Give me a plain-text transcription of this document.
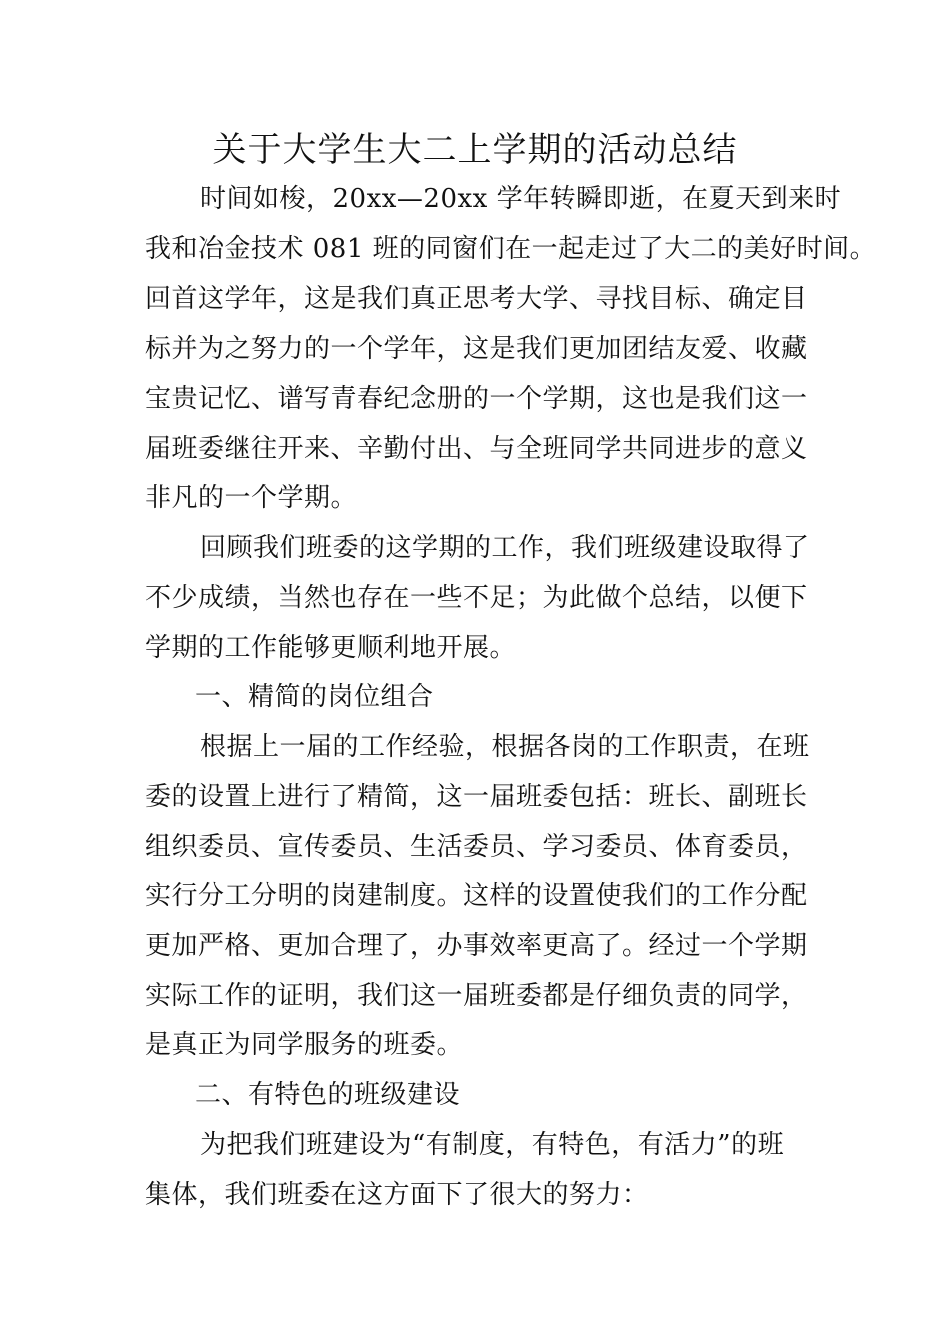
关于大学生大二上学期的活动总结
时间如梭，20xx—20xx 学年转瞬即逝，在夏天到来时
我和冶金技术 081 班的同窗们在一起走过了大二的美好时间。
回首这学年，这是我们真正思考大学、寻找目标、确定目
标并为之努力的一个学年，这是我们更加团结友爱、收藏
宝贵记忆、谱写青春纪念册的一个学期，这也是我们这一
届班委继往开来、辛勤付出、与全班同学共同进步的意义
非凡的一个学期。
回顾我们班委的这学期的工作，我们班级建设取得了
不少成绩，当然也存在一些不足；为此做个总结，以便下
学期的工作能够更顺利地开展。
一、精简的岗位组合
根据上一届的工作经验，根据各岗的工作职责，在班
委的设置上进行了精简，这一届班委包括：班长、副班长
组织委员、宣传委员、生活委员、学习委员、体育委员，
实行分工分明的岗建制度。这样的设置使我们的工作分配
更加严格、更加合理了，办事效率更高了。经过一个学期
实际工作的证明，我们这一届班委都是仔细负责的同学，
是真正为同学服务的班委。
二、有特色的班级建设
为把我们班建设为“有制度，有特色，有活力”的班
集体，我们班委在这方面下了很大的努力：
